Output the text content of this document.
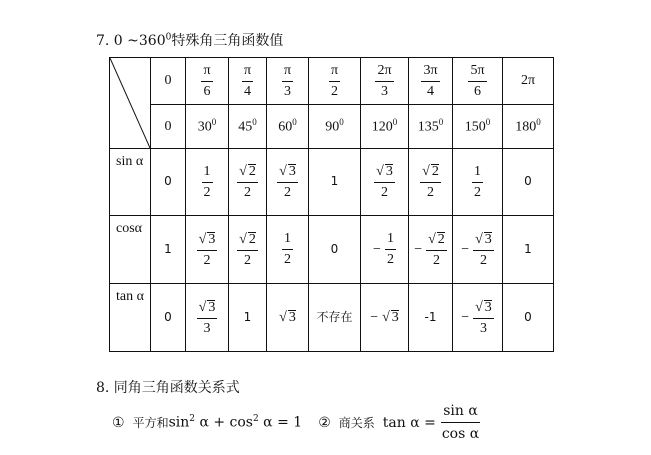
7. 0 $\sim 360^0$特殊角三角函数值
	0	$\frac{\pi}{6}$	$\frac{\pi}{4}$	$\frac{\pi}{3}$	$\frac{\pi}{2}$	$\frac{2\pi}{3}$	$\frac{3\pi}{4}$	$\frac{5\pi}{6}$	2π
	0	$30^0$	$45^0$	$60^0$	$90^0$	$120^0$	$135^0$	$150^0$	$180^0$
sin α	0	$\frac{1}{2}$	$\frac{√ 2}{2}$	$\frac{√ 3}{2}$	1	$\frac{√ 3}{2}$	$\frac{√ 2}{2}$	$\frac{1}{2}$	0
cosα	1	$\frac{√ 3}{2}$	$\frac{√ 2}{2}$	$\frac{1}{2}$	0	− $\frac{1}{2}$	− $\frac{√ 2}{2}$	− $\frac{√ 3}{2}$	1
tan α	0	$\frac{√ 3}{3}$	1	√ 3	不存在	− √ 3	-1	− $\frac{√ 3}{3}$	0
8. 同角三角函数关系式
① 平方和 $\sin^2 \alpha + \cos^2 \alpha = 1$ ② 商关系 $\tan \alpha = \frac{\text{sin α}}{\text{cos α}}$
